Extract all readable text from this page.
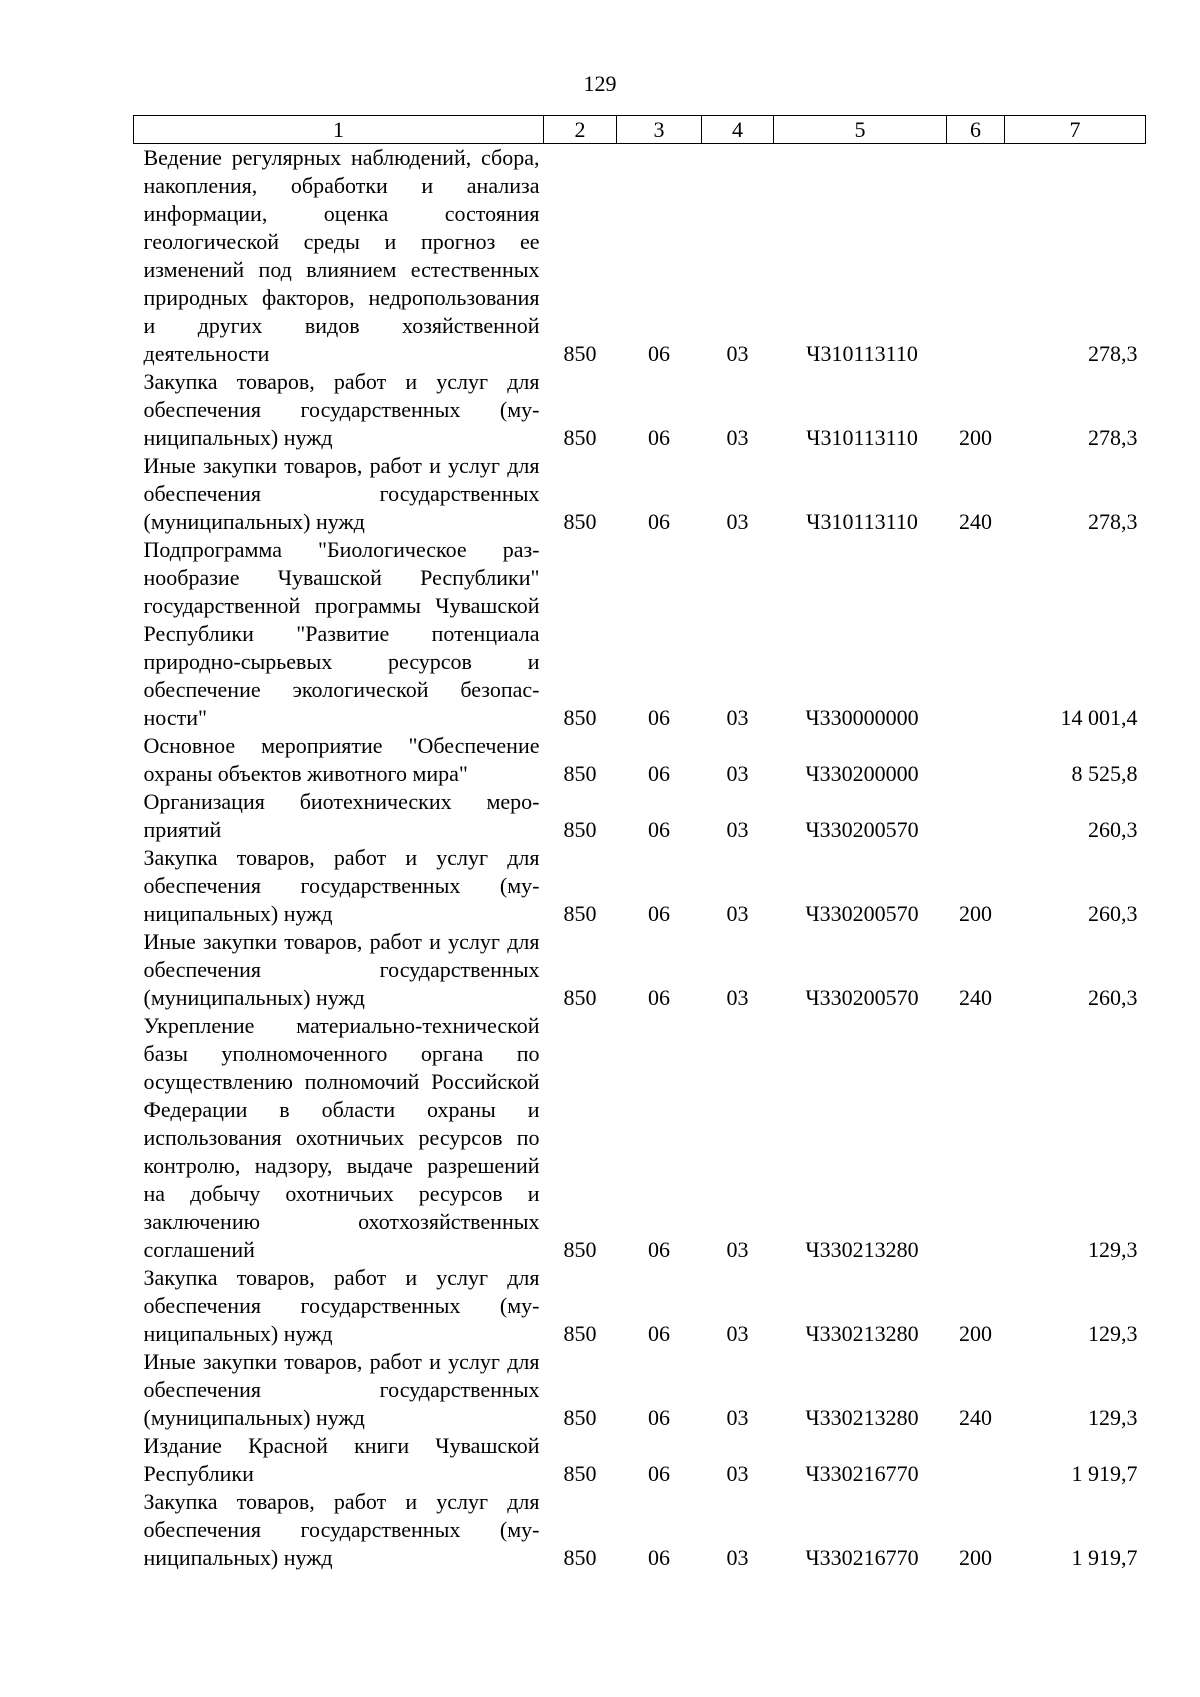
129
1	2	3	4	5	6	7
Ведение регулярных наблюдений, сбора, накопления, обработки и анализа информации, оценка состояния геологической среды и прогноз ее изменений под влиянием естественных природных факторов, недропользования и других видов хозяйственной деятельности	850	06	03	Ч310113110		278,3
Закупка товаров, работ и услуг для обеспечения государственных (муниципальных) нужд	850	06	03	Ч310113110	200	278,3
Иные закупки товаров, работ и услуг для обеспечения государственных (муниципальных) нужд	850	06	03	Ч310113110	240	278,3
Подпрограмма "Биологическое разнообразие Чувашской Республики" государственной программы Чувашской Республики "Развитие потенциала природно-сырьевых ресурсов и обеспечение экологической безопасности"	850	06	03	Ч330000000		14 001,4
Основное мероприятие "Обеспечение охраны объектов животного мира"	850	06	03	Ч330200000		8 525,8
Организация биотехнических мероприятий	850	06	03	Ч330200570		260,3
Закупка товаров, работ и услуг для обеспечения государственных (муниципальных) нужд	850	06	03	Ч330200570	200	260,3
Иные закупки товаров, работ и услуг для обеспечения государственных (муниципальных) нужд	850	06	03	Ч330200570	240	260,3
Укрепление материально-технической базы уполномоченного органа по осуществлению полномочий Российской Федерации в области охраны и использования охотничьих ресурсов по контролю, надзору, выдаче разрешений на добычу охотничьих ресурсов и заключению охотхозяйственных соглашений	850	06	03	Ч330213280		129,3
Закупка товаров, работ и услуг для обеспечения государственных (муниципальных) нужд	850	06	03	Ч330213280	200	129,3
Иные закупки товаров, работ и услуг для обеспечения государственных (муниципальных) нужд	850	06	03	Ч330213280	240	129,3
Издание Красной книги Чувашской Республики	850	06	03	Ч330216770		1 919,7
Закупка товаров, работ и услуг для обеспечения государственных (муниципальных) нужд	850	06	03	Ч330216770	200	1 919,7
